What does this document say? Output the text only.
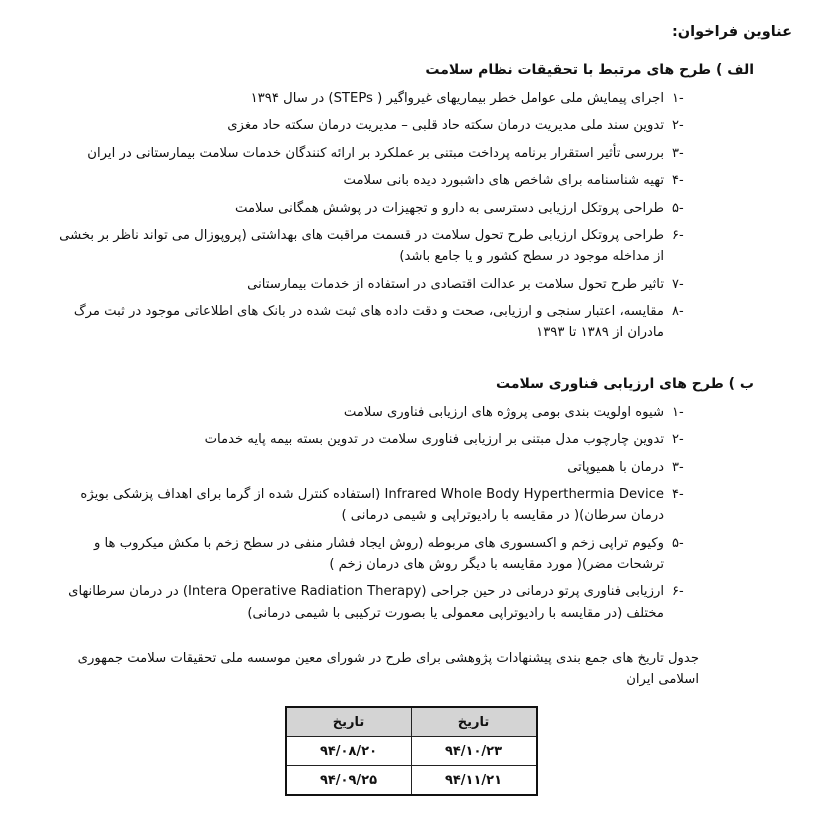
عناوین فراخوان:
الف ) طرح های مرتبط با تحقیقات نظام سلامت
-۱
اجرای پیمایش ملی عوامل خطر بیماریهای غیرواگیر ( STEPs) در سال ۱۳۹۴
-۲
تدوین سند ملی مدیریت درمان سکته حاد قلبی – مدیریت درمان سکته حاد مغزی
-۳
بررسی تأثیر استقرار برنامه پرداخت مبتنی بر عملکرد بر ارائه کنندگان خدمات سلامت بیمارستانی در ایران
-۴
تهیه شناسنامه برای شاخص های داشبورد دیده بانی سلامت
-۵
طراحی پروتکل ارزیابی دسترسی به دارو و تجهیزات در پوشش همگانی سلامت
-۶
طراحی پروتکل ارزیابی طرح تحول سلامت در قسمت مراقبت های بهداشتی (پروپوزال می تواند ناظر بر بخشی از مداخله موجود در سطح کشور و یا جامع باشد)
-۷
تاثیر طرح تحول سلامت بر عدالت اقتصادی در استفاده از خدمات بیمارستانی
-۸
مقایسه، اعتبار سنجی و ارزیابی، صحت و دقت داده های ثبت شده در بانک های اطلاعاتی موجود در ثبت مرگ مادران از ۱۳۸۹ تا ۱۳۹۳
ب ) طرح های ارزیابی فناوری سلامت
-۱
شیوه اولویت بندی بومی پروژه های ارزیابی فناوری سلامت
-۲
تدوین چارچوب مدل مبتنی بر ارزیابی فناوری سلامت در تدوین بسته بیمه پایه خدمات
-۳
درمان با هميوپاتی
-۴
Infrared Whole Body Hyperthermia Device (استفاده کنترل شده از گرما برای اهداف پزشکی بویژه درمان سرطان)( در مقایسه با رادیوتراپی و شیمی درمانی )
-۵
وکیوم تراپی زخم و اکسسوری های مربوطه (روش ایجاد فشار منفی در سطح زخم با مکش میکروب ها و ترشحات مضر)( مورد مقایسه با دیگر روش های درمان زخم )
-۶
ارزیابی فناوری پرتو درمانی در حین جراحی (Intera Operative Radiation Therapy) در درمان سرطانهای مختلف (در مقایسه با رادیوتراپی معمولی یا بصورت ترکیبی با شیمی درمانی)
جدول تاریخ های جمع بندی پیشنهادات پژوهشی برای طرح در شورای معین موسسه ملی تحقیقات سلامت جمهوری اسلامی ایران
تاریخ	تاریخ
۹۴/۱۰/۲۳	۹۴/۰۸/۲۰
۹۴/۱۱/۲۱	۹۴/۰۹/۲۵
